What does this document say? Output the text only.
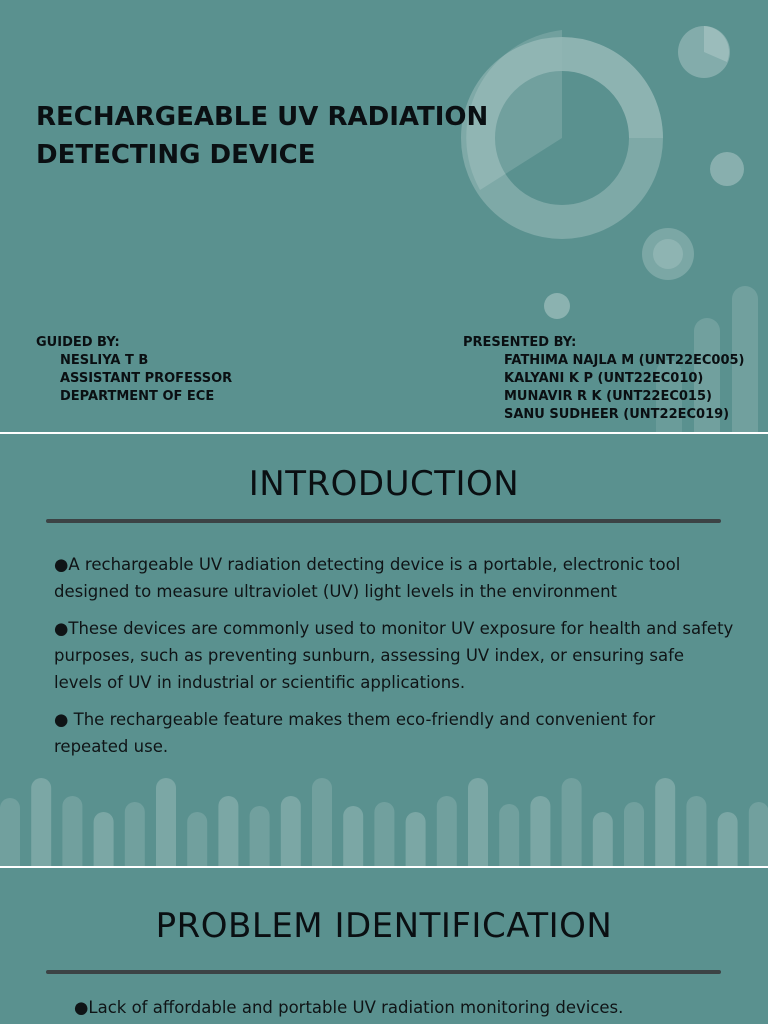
RECHARGEABLE UV RADIATION DETECTING DEVICE
GUIDED BY:
NESLIYA T B
ASSISTANT PROFESSOR
DEPARTMENT OF ECE
PRESENTED BY:
FATHIMA NAJLA M (UNT22EC005)
KALYANI K P (UNT22EC010)
MUNAVIR R K (UNT22EC015)
SANU SUDHEER (UNT22EC019)
INTRODUCTION
●A rechargeable UV radiation detecting device is a portable, electronic tool designed to measure ultraviolet (UV) light levels in the environment
●These devices are commonly used to monitor UV exposure for health and safety purposes, such as preventing sunburn, assessing UV index, or ensuring safe levels of UV in industrial or scientific applications.
● The rechargeable feature makes them eco-friendly and convenient for repeated use.
PROBLEM IDENTIFICATION
●Lack of affordable and portable UV radiation monitoring devices.
